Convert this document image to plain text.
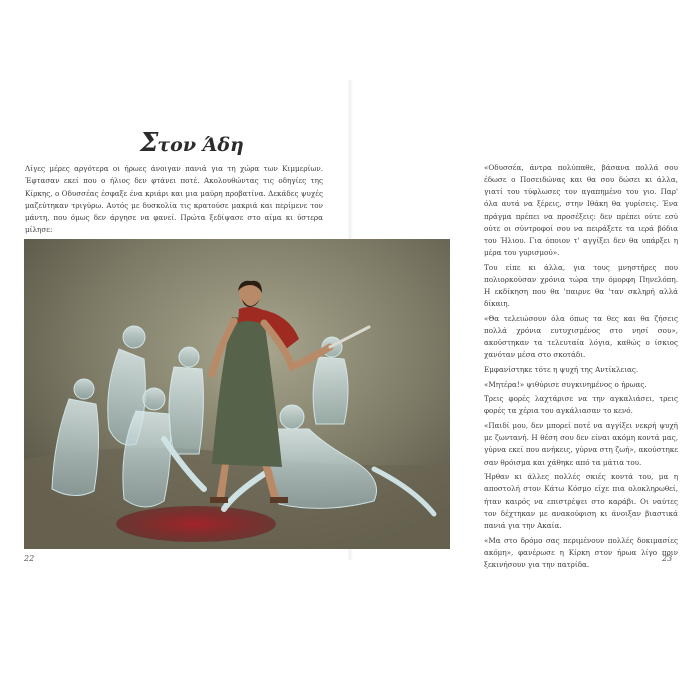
Στον Άδη

Λίγες μέρες αργότερα οι ήρωες άνοιγαν πανιά για τη χώρα των Κιμμερίων. Έφτασαν εκεί που ο ήλιος δεν φτάνει ποτέ. Ακολουθώντας τις οδηγίες της Κίρκης, ο Οδυσσέας έσφαξε ένα κριάρι και μια μαύρη προβατίνα. Δεκάδες ψυχές μαζεύτηκαν τριγύρω. Αυτός με δυσκολία τις κρατούσε μακριά και περίμενε τον μάντη, που όμως δεν άργησε να φανεί. Πρώτα ξεδίψασε στο αίμα κι ύστερα μίλησε:

22

«Οδυσσέα, άντρα πολύπαθε, βάσανα πολλά σου έδωσε ο Ποσειδώνας και θα σου δώσει κι άλλα, γιατί του τύφλωσες τον αγαπημένο του γιο. Παρ' όλα αυτά να ξέρεις, στην Ιθάκη θα γυρίσεις. Ένα πράγμα πρέπει να προσέξεις: δεν πρέπει ούτε εσύ ούτε οι σύντροφοί σου να πειράξετε τα ιερά βόδια του Ήλιου. Για όποιον τ' αγγίξει δεν θα υπάρξει η μέρα του γυρισμού».

Του είπε κι άλλα, για τους μνηστήρες που πολιορκούσαν χρόνια τώρα την όμορφη Πηνελόπη. Η εκδίκηση που θα 'παιρνε θα 'ταν σκληρή αλλά δίκαιη.

«Θα τελειώσουν όλα όπως τα θες και θα ζήσεις πολλά χρόνια ευτυχισμένος στο νησί σου», ακούστηκαν τα τελευταία λόγια, καθώς ο ίσκιος χανόταν μέσα στο σκοτάδι.

Εμφανίστηκε τότε η ψυχή της Αντίκλειας.

«Μητέρα!» ψιθύρισε συγκινημένος ο ήρωας.

Τρεις φορές λαχτάρισε να την αγκαλιάσει, τρεις φορές τα χέρια του αγκάλιασαν το κενό.

«Παιδί μου, δεν μπορεί ποτέ να αγγίξει νεκρή ψυχή με ζωντανή. Η θέση σου δεν είναι ακόμη κοντά μας, γύρνα εκεί που ανήκεις, γύρνα στη ζωή», ακούστηκε σαν θρόισμα και χάθηκε από τα μάτια του.

Ήρθαν κι άλλες πολλές σκιές κοντά του, μα η αποστολή στον Κάτω Κόσμο είχε πια ολοκληρωθεί, ήταν καιρός να επιστρέψει στο καράβι. Οι ναύτες τον δέχτηκαν με ανακούφιση κι άνοιξαν βιαστικά πανιά για την Ακαία.

«Μα στο δρόμο σας περιμένουν πολλές δοκιμασίες ακόμη», φανέρωσε η Κίρκη στον ήρωα λίγο πριν ξεκινήσουν για την πατρίδα.

23
